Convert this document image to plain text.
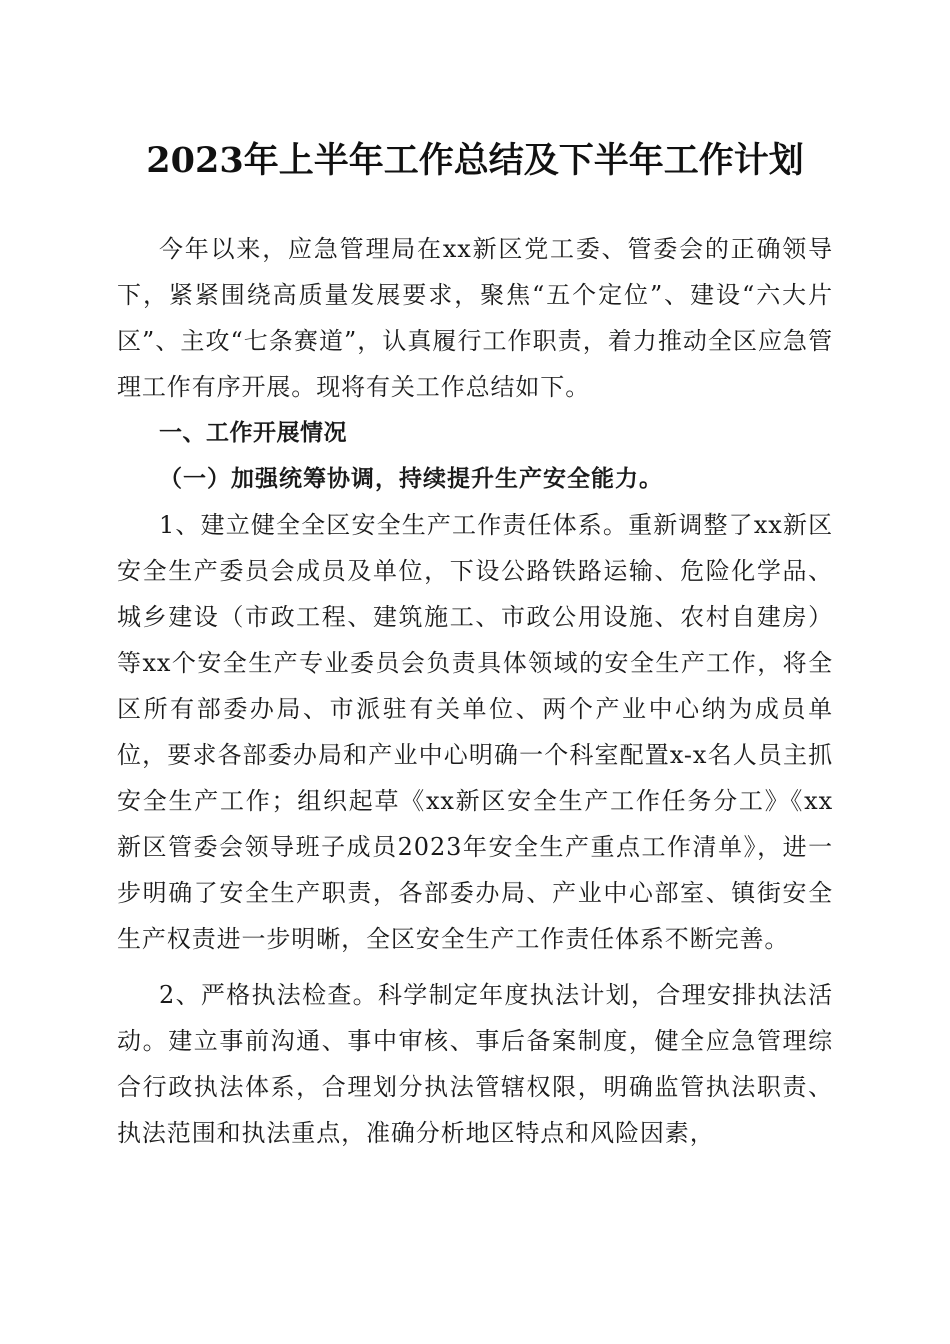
2023年上半年工作总结及下半年工作计划

今年以来，应急管理局在xx新区党工委、管委会的正确领导下，紧紧围绕高质量发展要求，聚焦“五个定位”、建设“六大片区”、主攻“七条赛道”，认真履行工作职责，着力推动全区应急管理工作有序开展。现将有关工作总结如下。

一、工作开展情况

（一）加强统筹协调，持续提升生产安全能力。

1、建立健全全区安全生产工作责任体系。重新调整了xx新区安全生产委员会成员及单位，下设公路铁路运输、危险化学品、城乡建设（市政工程、建筑施工、市政公用设施、农村自建房）等xx个安全生产专业委员会负责具体领域的安全生产工作，将全区所有部委办局、市派驻有关单位、两个产业中心纳为成员单位，要求各部委办局和产业中心明确一个科室配置x-x名人员主抓安全生产工作；组织起草《xx新区安全生产工作任务分工》《xx新区管委会领导班子成员2023年安全生产重点工作清单》，进一步明确了安全生产职责，各部委办局、产业中心部室、镇街安全生产权责进一步明晰，全区安全生产工作责任体系不断完善。

2、严格执法检查。科学制定年度执法计划，合理安排执法活动。建立事前沟通、事中审核、事后备案制度，健全应急管理综合行政执法体系，合理划分执法管辖权限，明确监管执法职责、执法范围和执法重点，准确分析地区特点和风险因素，
